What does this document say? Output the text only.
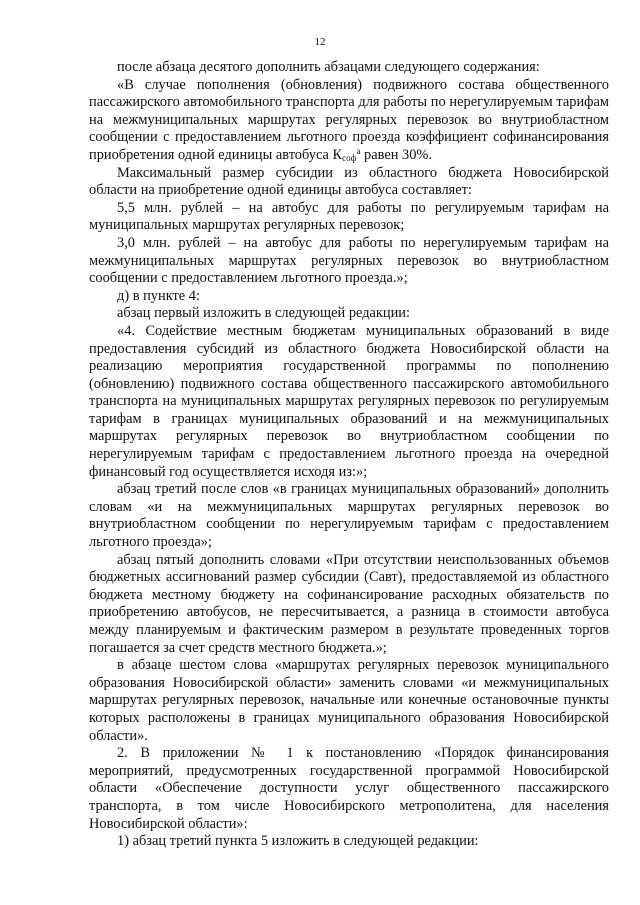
12

после абзаца десятого дополнить абзацами следующего содержания:

«В случае пополнения (обновления) подвижного состава общественного пассажирского автомобильного транспорта для работы по нерегулируемым тарифам на межмуниципальных маршрутах регулярных перевозок во внутриобластном сообщении с предоставлением льготного проезда коэффициент софинансирования приобретения одной единицы автобуса $К_{соф}^а$ равен 30%.

Максимальный размер субсидии из областного бюджета Новосибирской области на приобретение одной единицы автобуса составляет:

5,5 млн. рублей – на автобус для работы по регулируемым тарифам на муниципальных маршрутах регулярных перевозок;

3,0 млн. рублей – на автобус для работы по нерегулируемым тарифам на межмуниципальных маршрутах регулярных перевозок во внутриобластном сообщении с предоставлением льготного проезда.»;

д) в пункте 4:

абзац первый изложить в следующей редакции:

«4. Содействие местным бюджетам муниципальных образований в виде предоставления субсидий из областного бюджета Новосибирской области на реализацию мероприятия государственной программы по пополнению (обновлению) подвижного состава общественного пассажирского автомобильного транспорта на муниципальных маршрутах регулярных перевозок по регулируемым тарифам в границах муниципальных образований и на межмуниципальных маршрутах регулярных перевозок во внутриобластном сообщении по нерегулируемым тарифам с предоставлением льготного проезда на очередной финансовый год осуществляется исходя из:»;

абзац третий после слов «в границах муниципальных образований» дополнить словам «и на межмуниципальных маршрутах регулярных перевозок во внутриобластном сообщении по нерегулируемым тарифам с предоставлением льготного проезда»;

абзац пятый дополнить словами «При отсутствии неиспользованных объемов бюджетных ассигнований размер субсидии (Савт), предоставляемой из областного бюджета местному бюджету на софинансирование расходных обязательств по приобретению автобусов, не пересчитывается, а разница в стоимости автобуса между планируемым и фактическим размером в результате проведенных торгов погашается за счет средств местного бюджета.»;

в абзаце шестом слова «маршрутах регулярных перевозок муниципального образования Новосибирской области» заменить словами «и межмуниципальных маршрутах регулярных перевозок, начальные или конечные остановочные пункты которых расположены в границах муниципального образования Новосибирской области».

2. В приложении № 1 к постановлению «Порядок финансирования мероприятий, предусмотренных государственной программой Новосибирской области «Обеспечение доступности услуг общественного пассажирского транспорта, в том числе Новосибирского метрополитена, для населения Новосибирской области»:

1) абзац третий пункта 5 изложить в следующей редакции:
